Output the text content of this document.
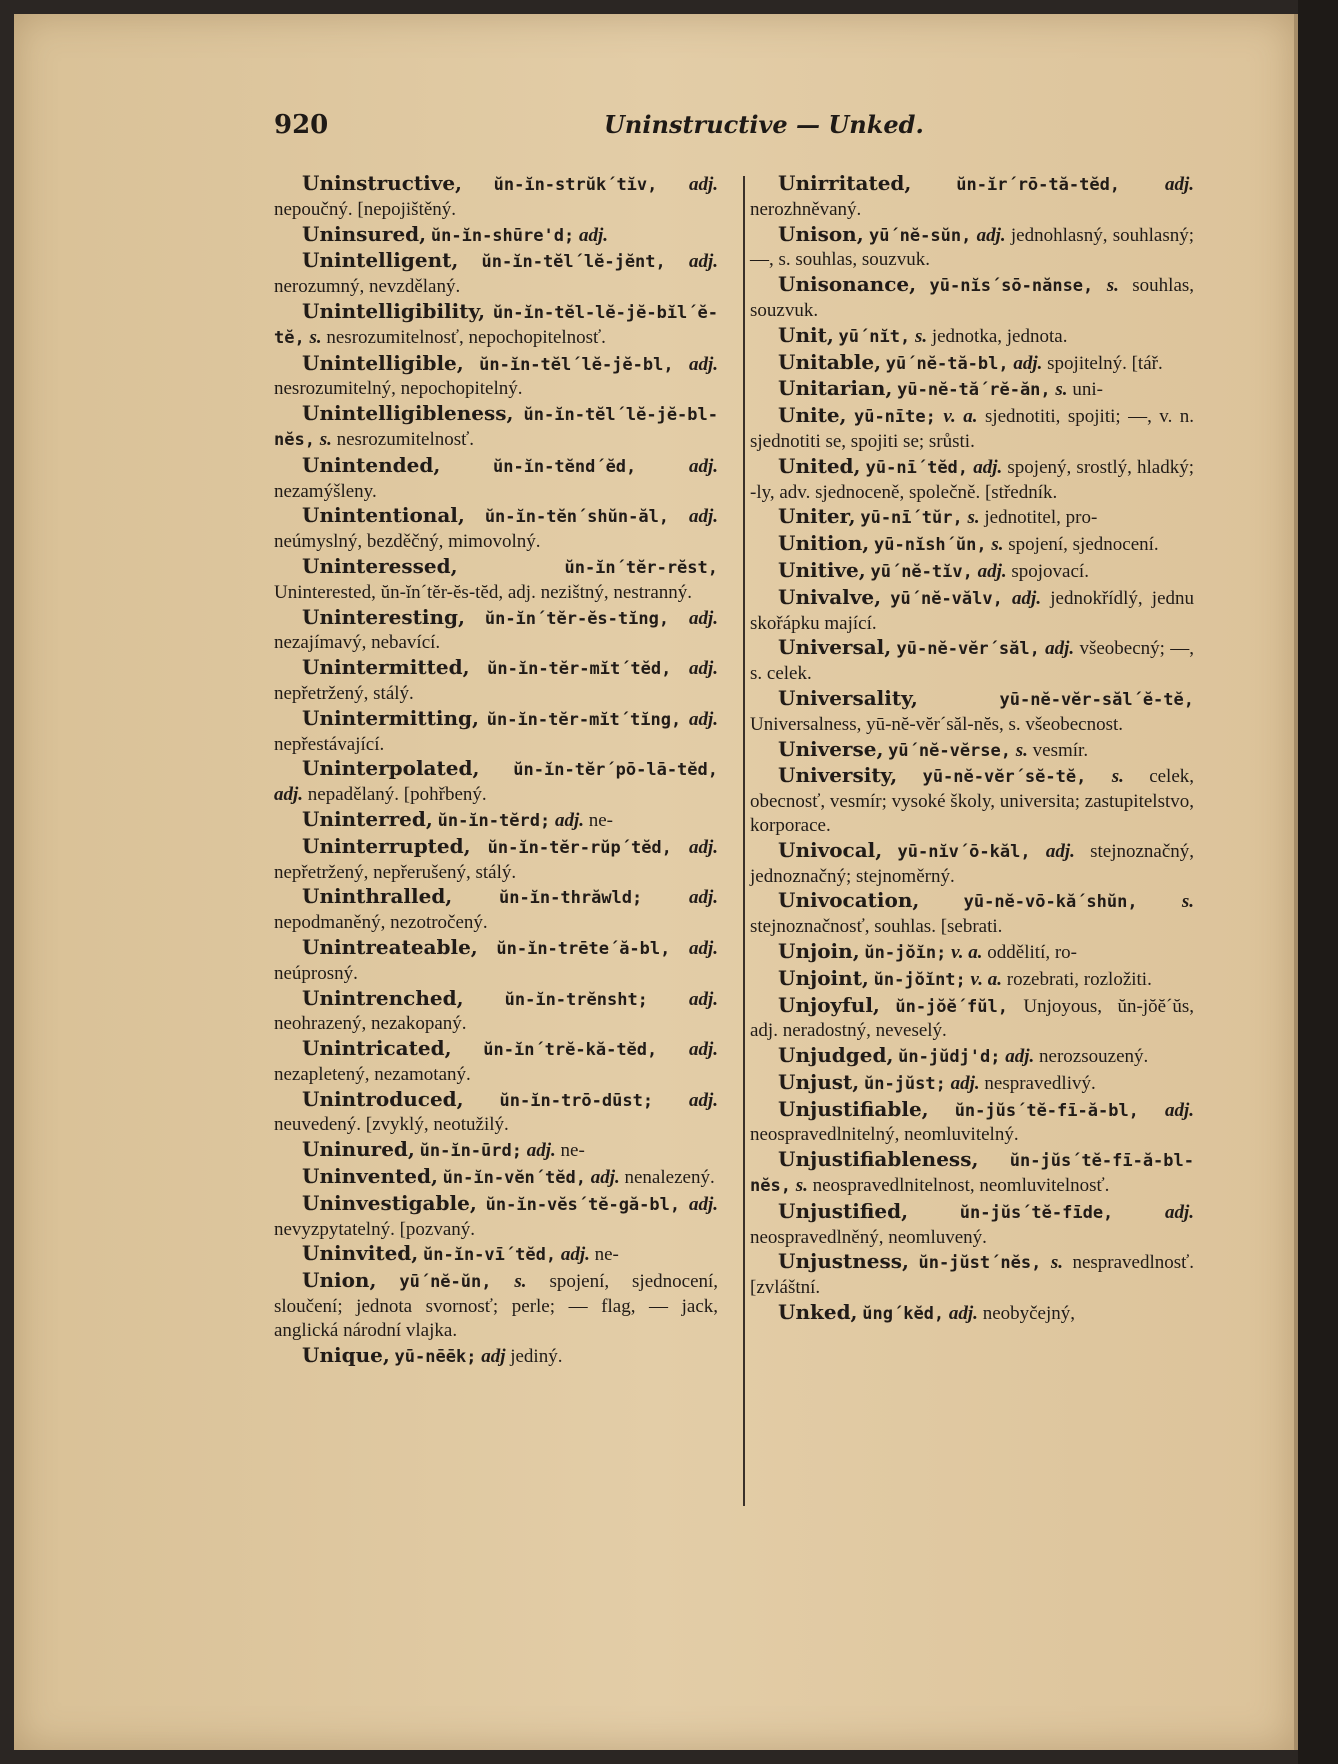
920	Uninstructive — Unked.

Uninstructive, ŭn-ĭn-strŭk´tĭv, adj. nepoučný. [nepojištěný.

Uninsured, ŭn-ĭn-shūre'd; adj.

Unintelligent, ŭn-ĭn-tĕl´lĕ-jĕnt, adj. nerozumný, nevzdělaný.

Unintelligibility, ŭn-ĭn-tĕl-lĕ-jĕ-bĭl´ĕ-tĕ, s. nesrozumitelnosť, nepochopitelnosť.

Unintelligible, ŭn-ĭn-tĕl´lĕ-jĕ-bl, adj. nesrozumitelný, nepochopitelný.

Unintelligibleness, ŭn-ĭn-tĕl´lĕ-jĕ-bl-nĕs, s. nesrozumitelnosť.

Unintended,	ŭn-ĭn-tĕnd´ĕd,	adj. nezamýšleny.

Unintentional, ŭn-ĭn-tĕn´shŭn-ăl, adj. neúmyslný, bezděčný, mimovolný.

Uninteressed,	ŭn-ĭn´tĕr-rĕst, Uninterested, ŭn-ĭn´tĕr-ĕs-tĕd, adj. nezištný, nestranný.

Uninteresting, ŭn-ĭn´tĕr-ĕs-tĭng, adj. nezajímavý, nebavící.

Unintermitted, ŭn-ĭn-tĕr-mĭt´tĕd, adj. nepřetržený, stálý.

Unintermitting, ŭn-ĭn-tĕr-mĭt´tĭng, adj. nepřestávající.

Uninterpolated, ŭn-ĭn-tĕr´pō-lā-tĕd, adj. nepadělaný. [pohřbený.

Uninterred, ŭn-ĭn-tĕrd; adj. ne-

Uninterrupted, ŭn-ĭn-tĕr-rŭp´tĕd, adj. nepřetržený, nepřerušený, stálý.

Uninthralled,	ŭn-ĭn-thrăwld; adj. nepodmaněný, nezotročený.

Unintreateable, ŭn-ĭn-trēte´ă-bl, adj. neúprosný.

Unintrenched, ŭn-ĭn-trĕnsht; adj. neohrazený, nezakopaný.

Unintricated, ŭn-ĭn´trĕ-kă-tĕd, adj. nezapletený, nezamotaný.

Unintroduced, ŭn-ĭn-trō-dūst; adj. neuvedený. [zvyklý, neotužilý.

Uninured, ŭn-ĭn-ūrd; adj. ne-

Uninvented, ŭn-ĭn-vĕn´tĕd, adj. nenalezený.

Uninvestigable, ŭn-ĭn-vĕs´tĕ-gă-bl, adj. nevyzpytatelný. [pozvaný.

Uninvited, ŭn-ĭn-vī´tĕd, adj. ne-

Union, yū´nĕ-ŭn, s. spojení, sjednocení, sloučení; jednota svornosť; perle; — flag, — jack, anglická národní vlajka.

Unique, yū-nēēk; adj jediný.

Unirritated,	ŭn-ĭr´rō-tă-tĕd, adj. nerozhněvaný.

Unison, yū´nĕ-sŭn, adj. jednohlasný, souhlasný; —, s. souhlas, souzvuk.

Unisonance, yū-nĭs´sō-nănse, s. souhlas, souzvuk.

Unit, yū´nĭt, s. jednotka, jednota.

Unitable, yū´nĕ-tă-bl, adj. spojitelný. [tář.

Unitarian, yū-nĕ-tă´rĕ-ăn, s. uni-

Unite, yū-nīte; v. a. sjednotiti, spojiti; —, v. n. sjednotiti se, spojiti se; srůsti.

United, yū-nī´tĕd, adj. spojený, srostlý, hladký; -ly, adv. sjednoceně, společně. [středník.

Uniter, yū-nī´tŭr, s. jednotitel, pro-

Unition, yū-nĭsh´ŭn, s. spojení, sjednocení.

Unitive, yū´nĕ-tĭv, adj. spojovací.

Univalve, yū´nĕ-vălv, adj. jednokřídlý, jednu skořápku mající.

Universal, yū-nĕ-vĕr´săl, adj. všeobecný; —, s. celek.

Universality,	yū-nĕ-vĕr-săl´ĕ-tĕ, Universalness, yū-nĕ-vĕr´săl-nĕs, s. všeobecnost.

Universe, yū´nĕ-vĕrse, s. vesmír.

University, yū-nĕ-vĕr´sĕ-tĕ, s. celek, obecnosť, vesmír; vysoké školy, universita; zastupitelstvo, korporace.

Univocal, yū-nĭv´ō-kăl, adj. stejnoznačný, jednoznačný; stejnoměrný.

Univocation,	yū-nĕ-vō-kă´shŭn, s. stejnoznačnosť, souhlas. [sebrati.

Unjoin, ŭn-jŏĭn; v. a. oddělití, ro-

Unjoint, ŭn-jŏĭnt; v. a. rozebrati, rozložiti.

Unjoyful, ŭn-jŏĕ´fŭl, Unjoyous, ŭn-jŏĕ´ŭs, adj. neradostný, neveselý.

Unjudged, ŭn-jŭdj'd; adj. nerozsouzený.

Unjust, ŭn-jŭst; adj. nespravedlivý.

Unjustifiable, ŭn-jŭs´tĕ-fī-ă-bl, adj. neospravedlnitelný, neomluvitelný.

Unjustifiableness, ŭn-jŭs´tĕ-fī-ă-bl-nĕs, s. neospravedlnitelnost, neomluvitelnosť.

Unjustified,	ŭn-jŭs´tĕ-fīde,	adj. neospravedlněný, neomluvený.

Unjustness, ŭn-jŭst´nĕs, s. nespravedlnosť. [zvláštní.

Unked, ŭng´kĕd, adj. neobyčejný,
